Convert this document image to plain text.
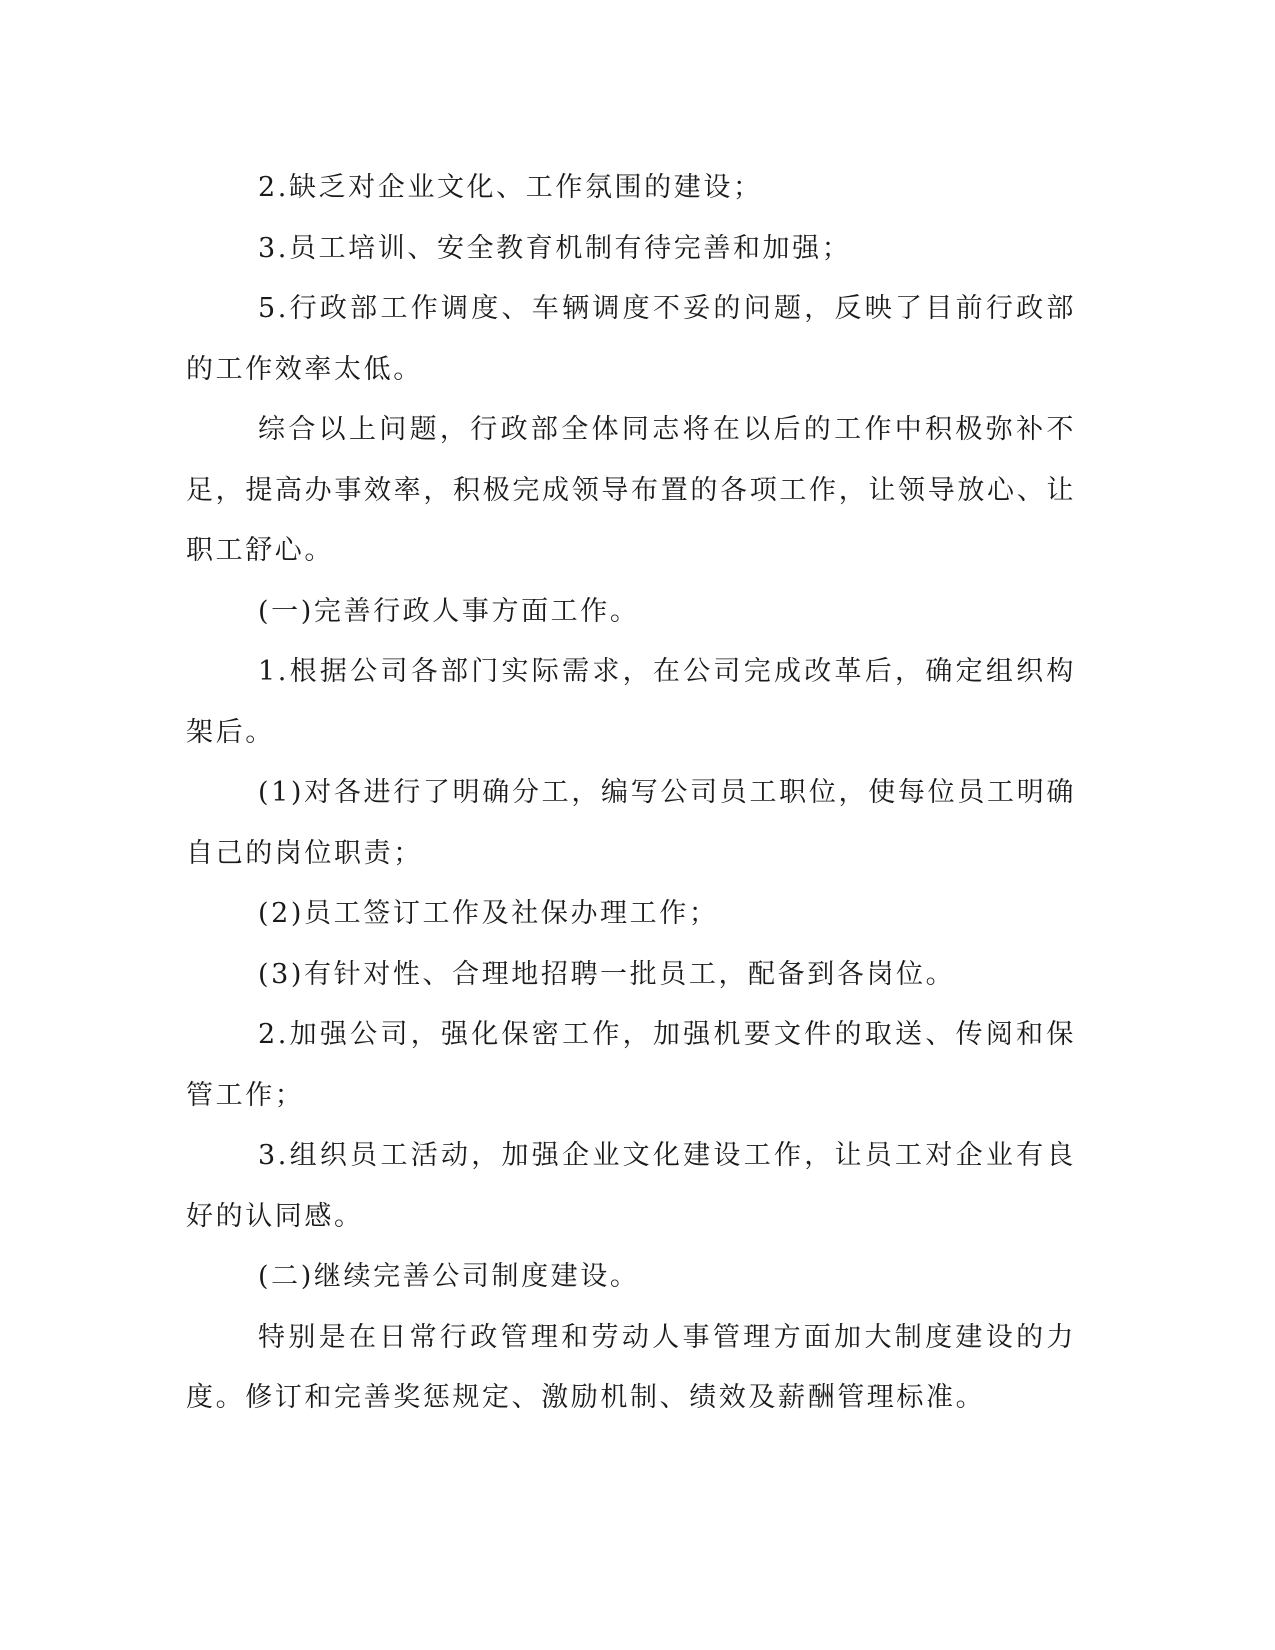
2.缺乏对企业文化、工作氛围的建设；

3.员工培训、安全教育机制有待完善和加强；

5.行政部工作调度、车辆调度不妥的问题，反映了目前行政部的工作效率太低。

综合以上问题，行政部全体同志将在以后的工作中积极弥补不足，提高办事效率，积极完成领导布置的各项工作，让领导放心、让职工舒心。

(一)完善行政人事方面工作。

1.根据公司各部门实际需求，在公司完成改革后，确定组织构架后。

(1)对各进行了明确分工，编写公司员工职位，使每位员工明确自己的岗位职责；

(2)员工签订工作及社保办理工作；

(3)有针对性、合理地招聘一批员工，配备到各岗位。

2.加强公司，强化保密工作，加强机要文件的取送、传阅和保管工作；

3.组织员工活动，加强企业文化建设工作，让员工对企业有良好的认同感。

(二)继续完善公司制度建设。

特别是在日常行政管理和劳动人事管理方面加大制度建设的力度。修订和完善奖惩规定、激励机制、绩效及薪酬管理标准。
